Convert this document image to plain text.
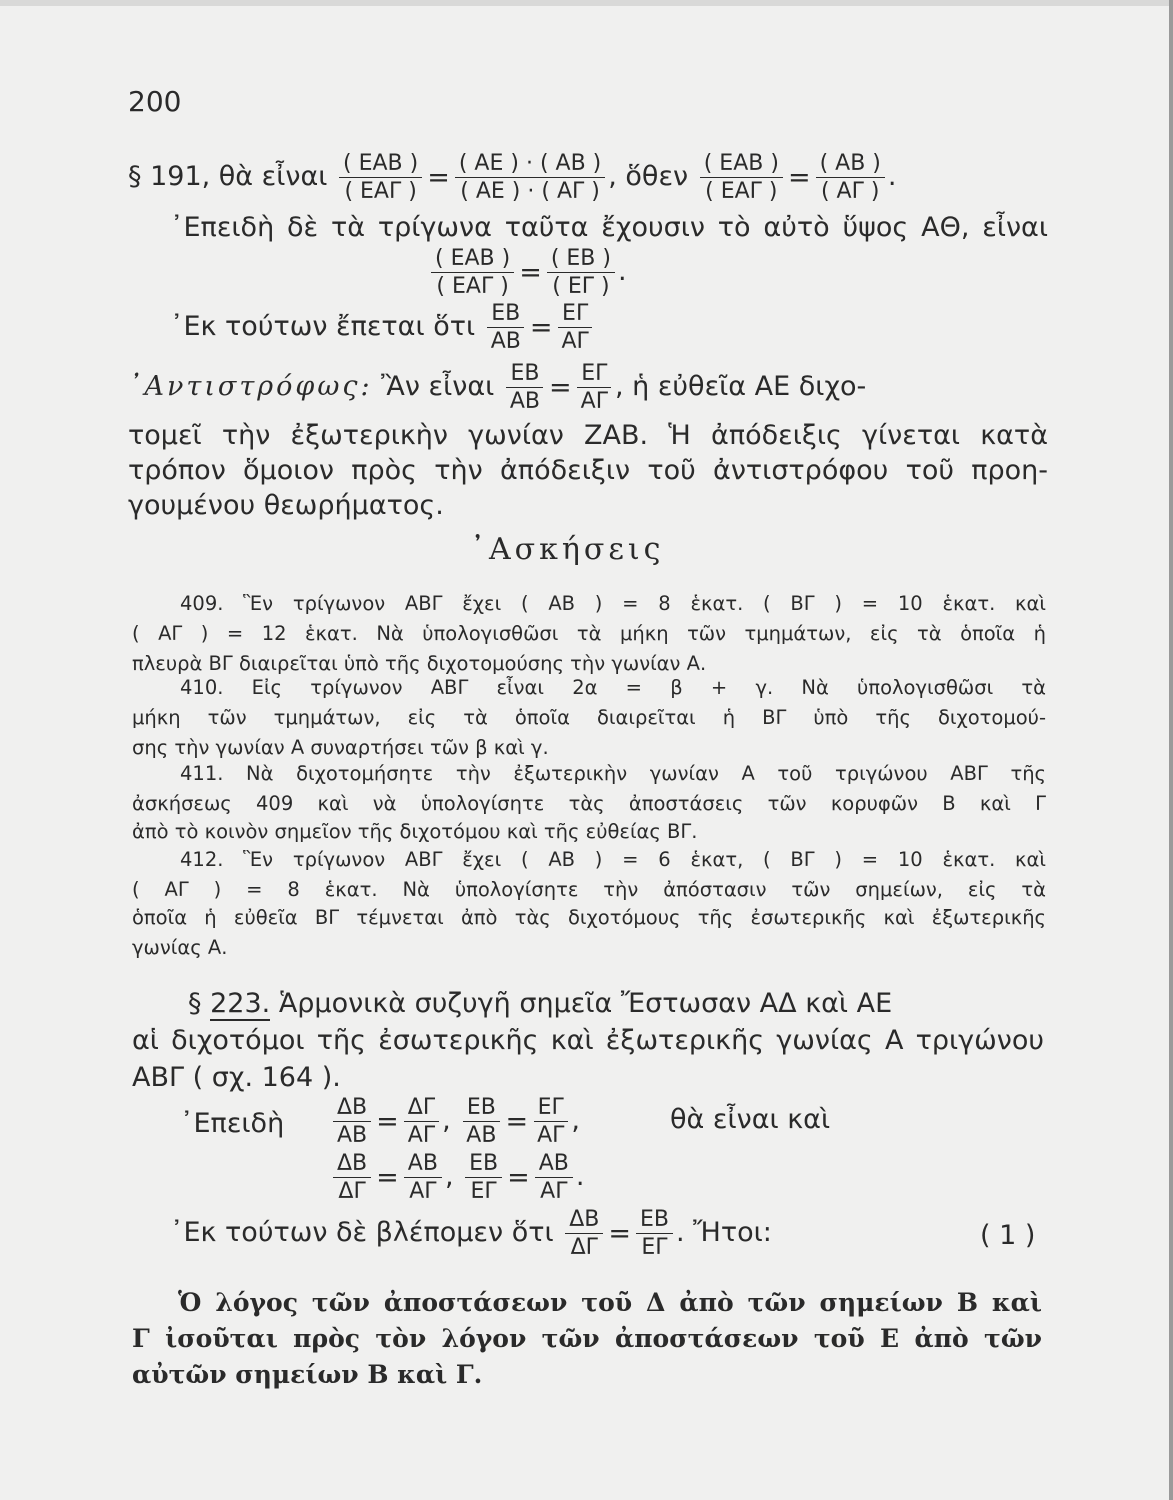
200
§ 191, θὰ εἶναι $\frac{\text{( ΕΑΒ )}}{\text{( ΕΑΓ )}} = \frac{( AE ) \cdot ( AB )}{( AE ) \cdot ( A\Gamma )}$ , ὅθεν $\frac{\text{( ΕΑΒ )}}{\text{( ΕΑΓ )}} = \frac{( AB )}{( A\Gamma )}$ .
᾿Επειδὴ δὲ τὰ τρίγωνα ταῦτα ἔχουσιν τὸ αὐτὸ ὕψος ΑΘ, εἶναι
$\frac{\text{( ΕΑΒ )}}{\text{( ΕΑΓ )}} = \frac{( EB )}{( E\Gamma )}$ .
᾿Εκ τούτων ἔπεται ὅτι $\frac{EB}{AB} = \frac{E\Gamma}{A\Gamma}$
᾿Αντιστρόφως: Ἂν εἶναι $\frac{EB}{AB} = \frac{E\Gamma}{A\Gamma}$ , ἡ εὐθεῖα ΑΕ διχο-
τομεῖ τὴν ἐξωτερικὴν γωνίαν ΖΑΒ. Ἡ ἀπόδειξις γίνεται κατὰ
τρόπον ὅμοιον πρὸς τὴν ἀπόδειξιν τοῦ ἀντιστρόφου τοῦ προη-
γουμένου θεωρήματος.
᾿Ασκήσεις
409. Ἓν τρίγωνον ΑΒΓ ἔχει ( ΑΒ ) = 8 ἑκατ. ( ΒΓ ) = 10 ἑκατ. καὶ
( ΑΓ ) = 12 ἑκατ. Νὰ ὑπολογισθῶσι τὰ μήκη τῶν τμημάτων, εἰς τὰ ὁποῖα ἡ
πλευρὰ ΒΓ διαιρεῖται ὑπὸ τῆς διχοτομούσης τὴν γωνίαν Α.
410. Εἰς τρίγωνον ΑΒΓ εἶναι 2α = β + γ. Νὰ ὑπολογισθῶσι τὰ
μήκη τῶν τμημάτων, εἰς τὰ ὁποῖα διαιρεῖται ἡ ΒΓ ὑπὸ τῆς διχοτομού-
σης τὴν γωνίαν Α συναρτήσει τῶν β καὶ γ.
411. Νὰ διχοτομήσητε τὴν ἐξωτερικὴν γωνίαν Α τοῦ τριγώνου ΑΒΓ τῆς
ἀσκήσεως 409 καὶ νὰ ὑπολογίσητε τὰς ἀποστάσεις τῶν κορυφῶν Β καὶ Γ
ἀπὸ τὸ κοινὸν σημεῖον τῆς διχοτόμου καὶ τῆς εὐθείας ΒΓ.
412. Ἓν τρίγωνον ΑΒΓ ἔχει ( ΑΒ ) = 6 ἑκατ, ( ΒΓ ) = 10 ἑκατ. καὶ
( ΑΓ ) = 8 ἑκατ. Νὰ ὑπολογίσητε τὴν ἀπόστασιν τῶν σημείων, εἰς τὰ
ὁποῖα ἡ εὐθεῖα ΒΓ τέμνεται ἀπὸ τὰς διχοτόμους τῆς ἐσωτερικῆς καὶ ἐξωτερικῆς
γωνίας Α.
§ 223. Ἁρμονικὰ συζυγῆ σημεῖα Ἔστωσαν ΑΔ καὶ ΑΕ
αἱ διχοτόμοι τῆς ἐσωτερικῆς καὶ ἐξωτερικῆς γωνίας Α τριγώνου
ΑΒΓ ( σχ. 164 ).
᾿Επειδὴ $\frac{\Delta B}{AB} = \frac{\Delta\Gamma}{A\Gamma}$ , $\frac{EB}{AB} = \frac{E\Gamma}{A\Gamma}$ ,	θὰ εἶναι καὶ
$\frac{\Delta B}{\Delta\Gamma} = \frac{AB}{A\Gamma}$ , $\frac{EB}{E\Gamma} = \frac{AB}{A\Gamma}$ .
᾿Εκ τούτων δὲ βλέπομεν ὅτι $\frac{\Delta B}{\Delta\Gamma} = \frac{EB}{E\Gamma}$ . Ἤτοι:	( 1 )
Ὁ λόγος τῶν ἀποστάσεων τοῦ Δ ἀπὸ τῶν σημείων Β καὶ
Γ ἰσοῦται πρὸς τὸν λόγον τῶν ἀποστάσεων τοῦ Ε ἀπὸ τῶν
αὐτῶν σημείων Β καὶ Γ.
